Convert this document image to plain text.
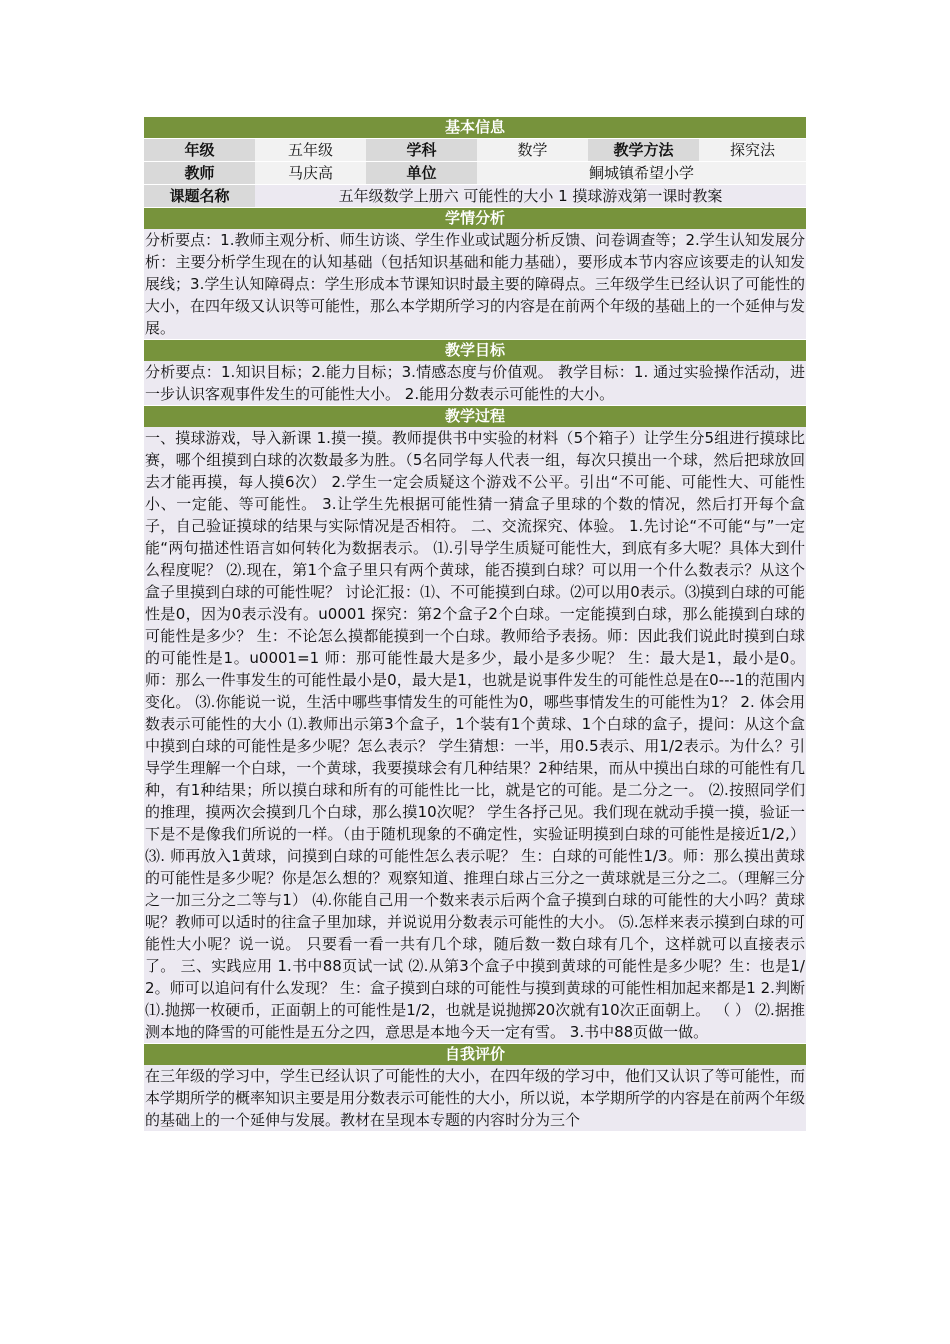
基本信息
年级	五年级	学科	数学	教学方法	探究法
教师	马庆高	单位	鲖城镇希望小学		
课题名称	五年级数学上册六 可能性的大小 1 摸球游戏第一课时教案				
学情分析
分析要点：1.教师主观分析、师生访谈、学生作业或试题分析反馈、问卷调查等；2.学生认知发展分析：主要分析学生现在的认知基础（包括知识基础和能力基础），要形成本节内容应该要走的认知发展线；3.学生认知障碍点：学生形成本节课知识时最主要的障碍点。三年级学生已经认识了可能性的大小，在四年级又认识等可能性，那么本学期所学习的内容是在前两个年级的基础上的一个延伸与发展。
教学目标
分析要点：1.知识目标；2.能力目标；3.情感态度与价值观。 教学目标：1. 通过实验操作活动，进一步认识客观事件发生的可能性大小。 2.能用分数表示可能性的大小。
教学过程
一、摸球游戏，导入新课 1.摸一摸。教师提供书中实验的材料（5个箱子）让学生分5组进行摸球比赛，哪个组摸到白球的次数最多为胜。（5名同学每人代表一组，每次只摸出一个球，然后把球放回去才能再摸，每人摸6次） 2.学生一定会质疑这个游戏不公平。引出“不可能、可能性大、可能性小、一定能、等可能性。 3.让学生先根据可能性猜一猜盒子里球的个数的情况，然后打开每个盒子，自己验证摸球的结果与实际情况是否相符。 二、交流探究、体验。 1.先讨论“不可能“与”一定能“两句描述性语言如何转化为数据表示。 ⑴.引导学生质疑可能性大，到底有多大呢？具体大到什么程度呢？ ⑵.现在，第1个盒子里只有两个黄球，能否摸到白球？可以用一个什么数表示？从这个盒子里摸到白球的可能性呢？ 讨论汇报：⑴、不可能摸到白球。⑵可以用0表示。⑶摸到白球的可能性是0，因为0表示没有。u0001 探究：第2个盒子2个白球。一定能摸到白球，那么能摸到白球的可能性是多少？ 生：不论怎么摸都能摸到一个白球。教师给予表扬。师：因此我们说此时摸到白球的可能性是1。u0001=1 师：那可能性最大是多少，最小是多少呢？ 生：最大是1，最小是0。 师：那么一件事发生的可能性最小是0，最大是1，也就是说事件发生的可能性总是在0---1的范围内变化。 ⑶.你能说一说，生活中哪些事情发生的可能性为0，哪些事情发生的可能性为1？ 2. 体会用数表示可能性的大小 ⑴.教师出示第3个盒子，1个装有1个黄球、1个白球的盒子，提问：从这个盒中摸到白球的可能性是多少呢？怎么表示？ 学生猜想：一半，用0.5表示、用1/2表示。为什么？引导学生理解一个白球，一个黄球，我要摸球会有几种结果？2种结果，而从中摸出白球的可能性有几种，有1种结果；所以摸白球和所有的可能性比一比，就是它的可能。是二分之一。 ⑵.按照同学们的推理，摸两次会摸到几个白球，那么摸10次呢？ 学生各抒己见。我们现在就动手摸一摸，验证一下是不是像我们所说的一样。（由于随机现象的不确定性，实验证明摸到白球的可能性是接近1/2,） ⑶. 师再放入1黄球，问摸到白球的可能性怎么表示呢？ 生：白球的可能性1/3。师：那么摸出黄球的可能性是多少呢？你是怎么想的？观察知道、推理白球占三分之一黄球就是三分之二。（理解三分之一加三分之二等与1） ⑷.你能自己用一个数来表示后两个盒子摸到白球的可能性的大小吗？黄球呢？教师可以适时的往盒子里加球，并说说用分数表示可能性的大小。 ⑸.怎样来表示摸到白球的可能性大小呢？说一说。 只要看一看一共有几个球，随后数一数白球有几个，这样就可以直接表示了。 三、实践应用 1.书中88页试一试 ⑵.从第3个盒子中摸到黄球的可能性是多少呢？生：也是1/2。师可以追问有什么发现？ 生：盒子摸到白球的可能性与摸到黄球的可能性相加起来都是1 2.判断 ⑴.抛掷一枚硬币，正面朝上的可能性是1/2，也就是说抛掷20次就有10次正面朝上。 （ ） ⑵.据推测本地的降雪的可能性是五分之四，意思是本地今天一定有雪。 3.书中88页做一做。
自我评价
在三年级的学习中，学生已经认识了可能性的大小，在四年级的学习中，他们又认识了等可能性，而本学期所学的概率知识主要是用分数表示可能性的大小，所以说，本学期所学的内容是在前两个年级的基础上的一个延伸与发展。教材在呈现本专题的内容时分为三个
